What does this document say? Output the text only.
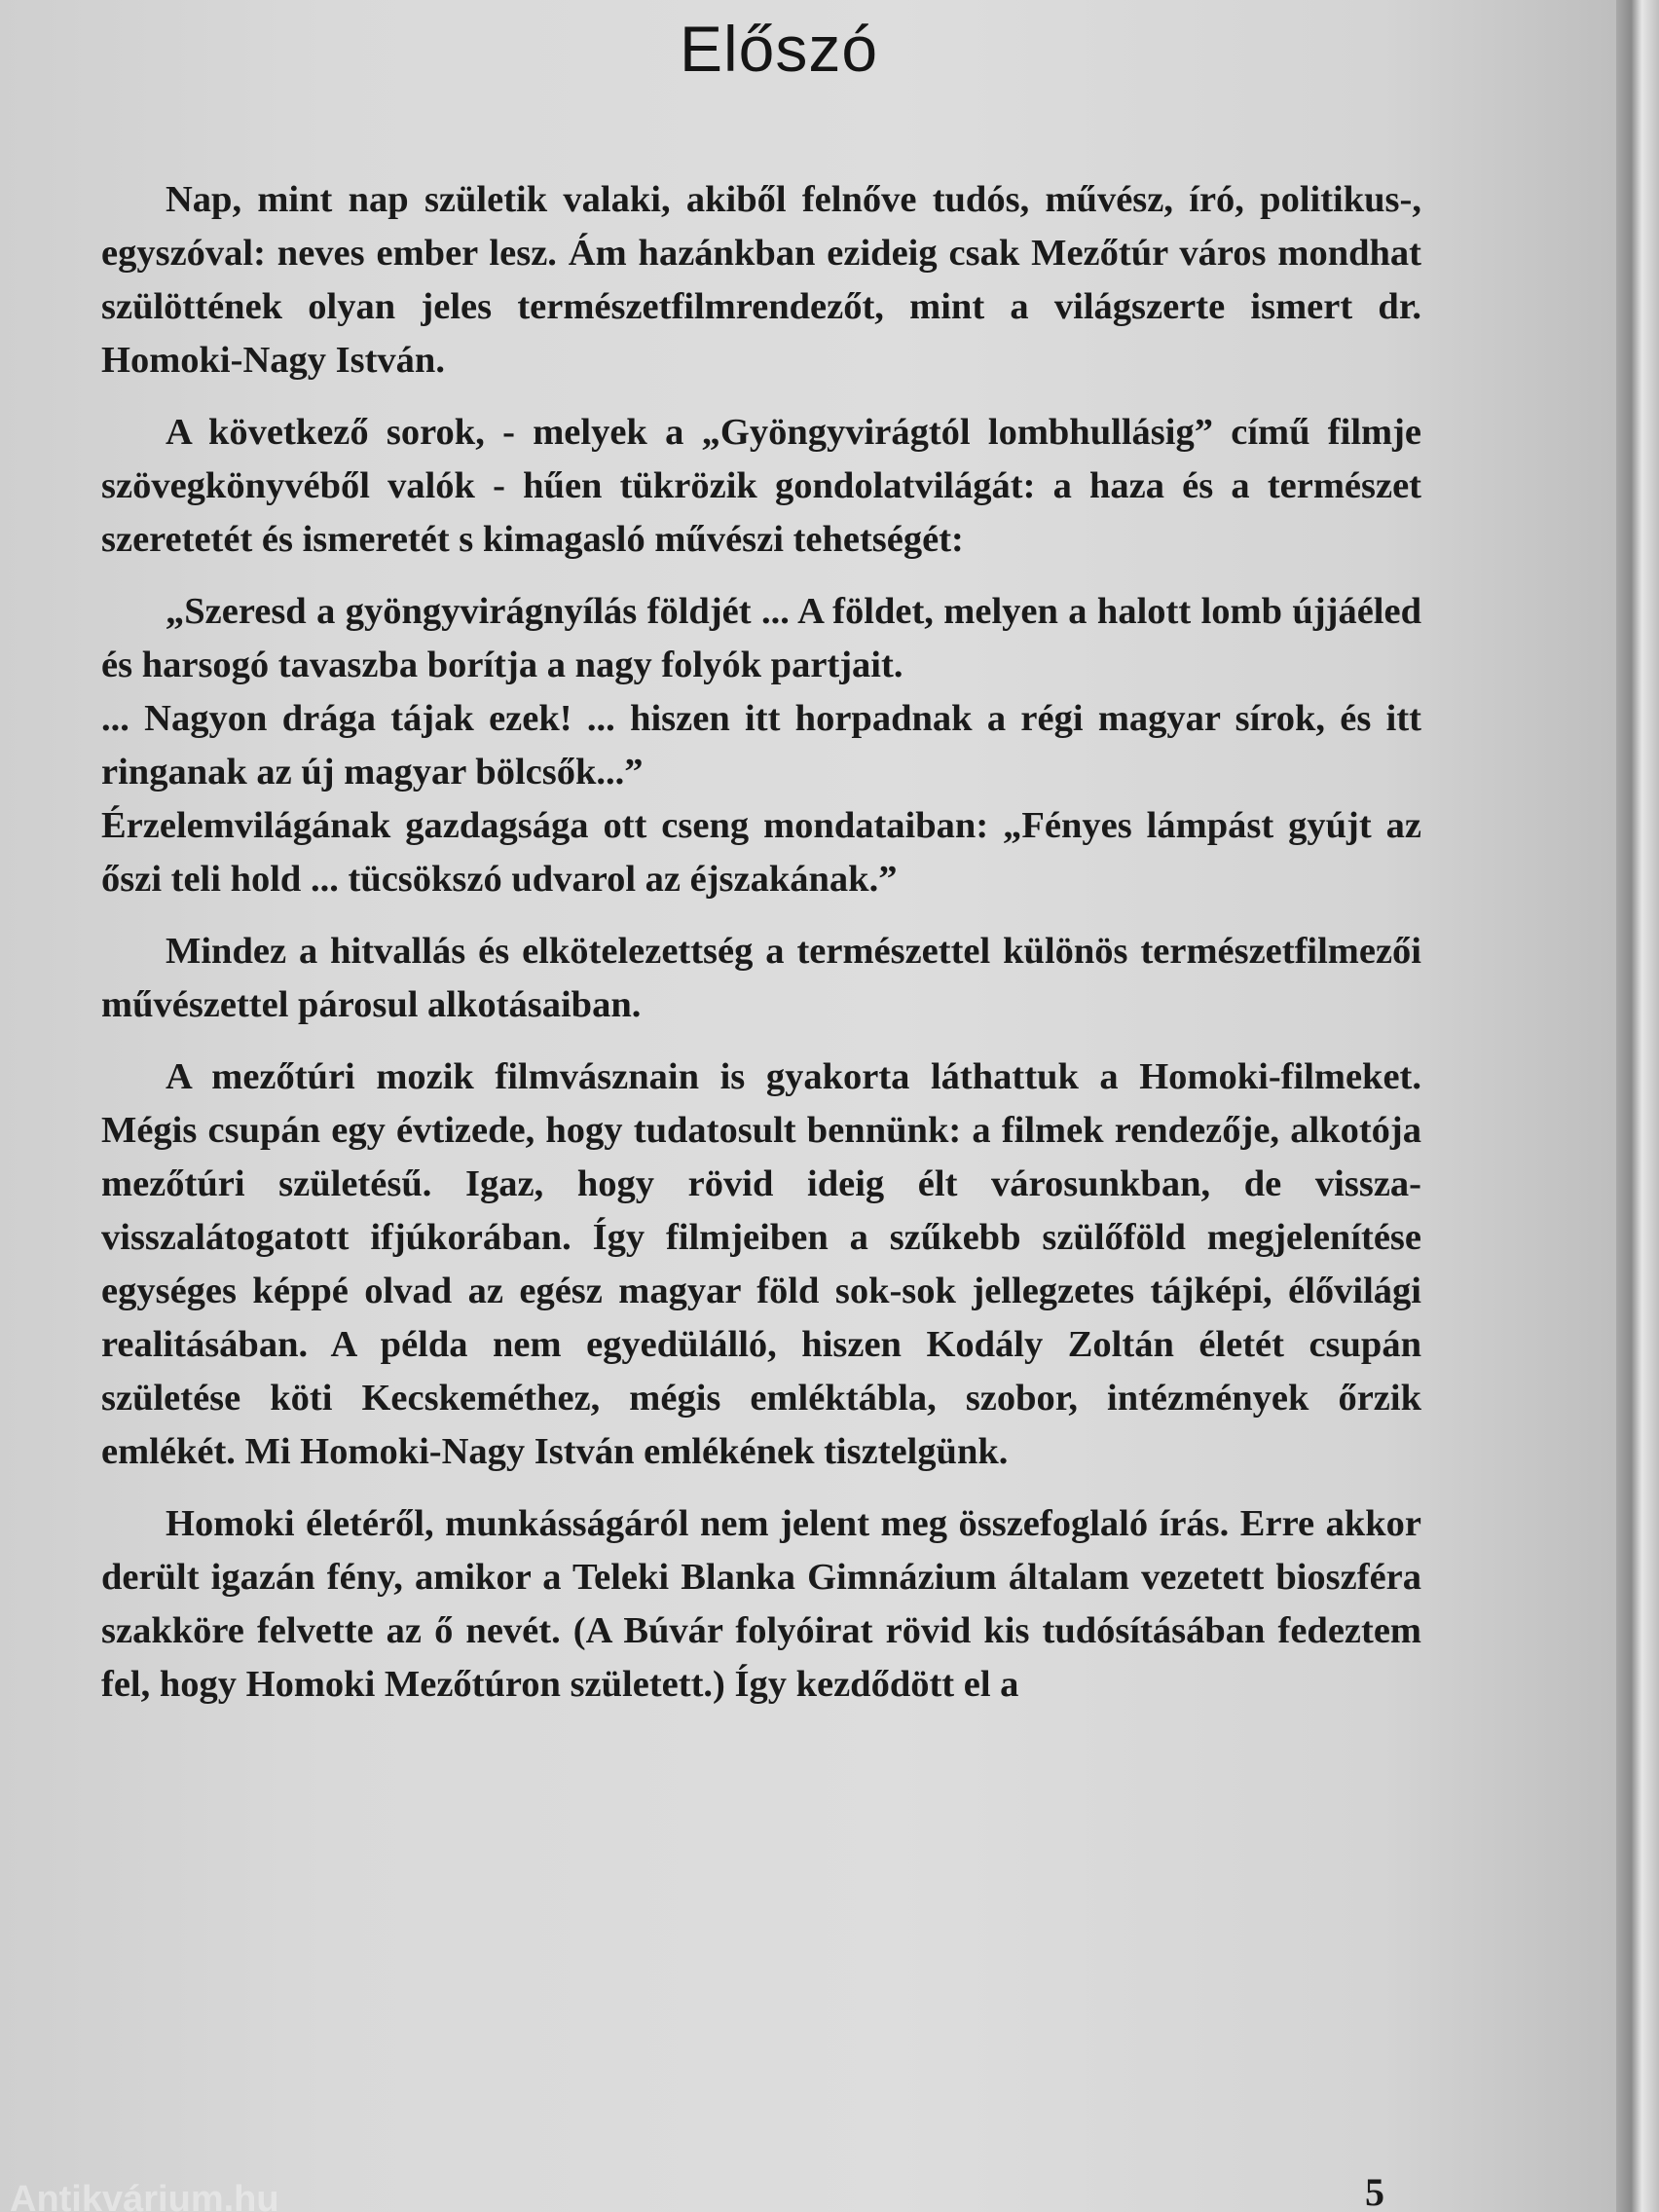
Előszó

Nap, mint nap születik valaki, akiből felnőve tudós, művész, író, politikus-, egyszóval: neves ember lesz. Ám hazánkban ezideig csak Mezőtúr város mondhat szülöttének olyan jeles természetfilmrendezőt, mint a világszerte ismert dr. Homoki-Nagy István.

A következő sorok, - melyek a „Gyöngyvirágtól lombhullásig” című filmje szövegkönyvéből valók - hűen tükrözik gondolatvilágát: a haza és a természet szeretetét és ismeretét s kimagasló művészi tehetségét:

„Szeresd a gyöngyvirágnyílás földjét ... A földet, melyen a halott lomb újjáéled és harsogó tavaszba borítja a nagy folyók partjait.

... Nagyon drága tájak ezek! ... hiszen itt horpadnak a régi magyar sírok, és itt ringanak az új magyar bölcsők...”

Érzelemvilágának gazdagsága ott cseng mondataiban: „Fényes lámpást gyújt az őszi teli hold ... tücsökszó udvarol az éjszakának.”

Mindez a hitvallás és elkötelezettség a természettel különös természetfilmezői művészettel párosul alkotásaiban.

A mezőtúri mozik filmvásznain is gyakorta láthattuk a Homoki-filmeket. Mégis csupán egy évtizede, hogy tudatosult bennünk: a filmek rendezője, alkotója mezőtúri születésű. Igaz, hogy rövid ideig élt városunkban, de vissza-visszalátogatott ifjúkorában. Így filmjeiben a szűkebb szülőföld megjelenítése egységes képpé olvad az egész magyar föld sok-sok jellegzetes tájképi, élővilági realitásában. A példa nem egyedülálló, hiszen Kodály Zoltán életét csupán születése köti Kecskeméthez, mégis emléktábla, szobor, intézmények őrzik emlékét. Mi Homoki-Nagy István emlékének tisztelgünk.

Homoki életéről, munkásságáról nem jelent meg összefoglaló írás. Erre akkor derült igazán fény, amikor a Teleki Blanka Gimnázium általam vezetett bioszféra szakköre felvette az ő nevét. (A Búvár folyóirat rövid kis tudósításában fedeztem fel, hogy Homoki Mezőtúron született.) Így kezdődött el a

5
Antikvárium.hu
